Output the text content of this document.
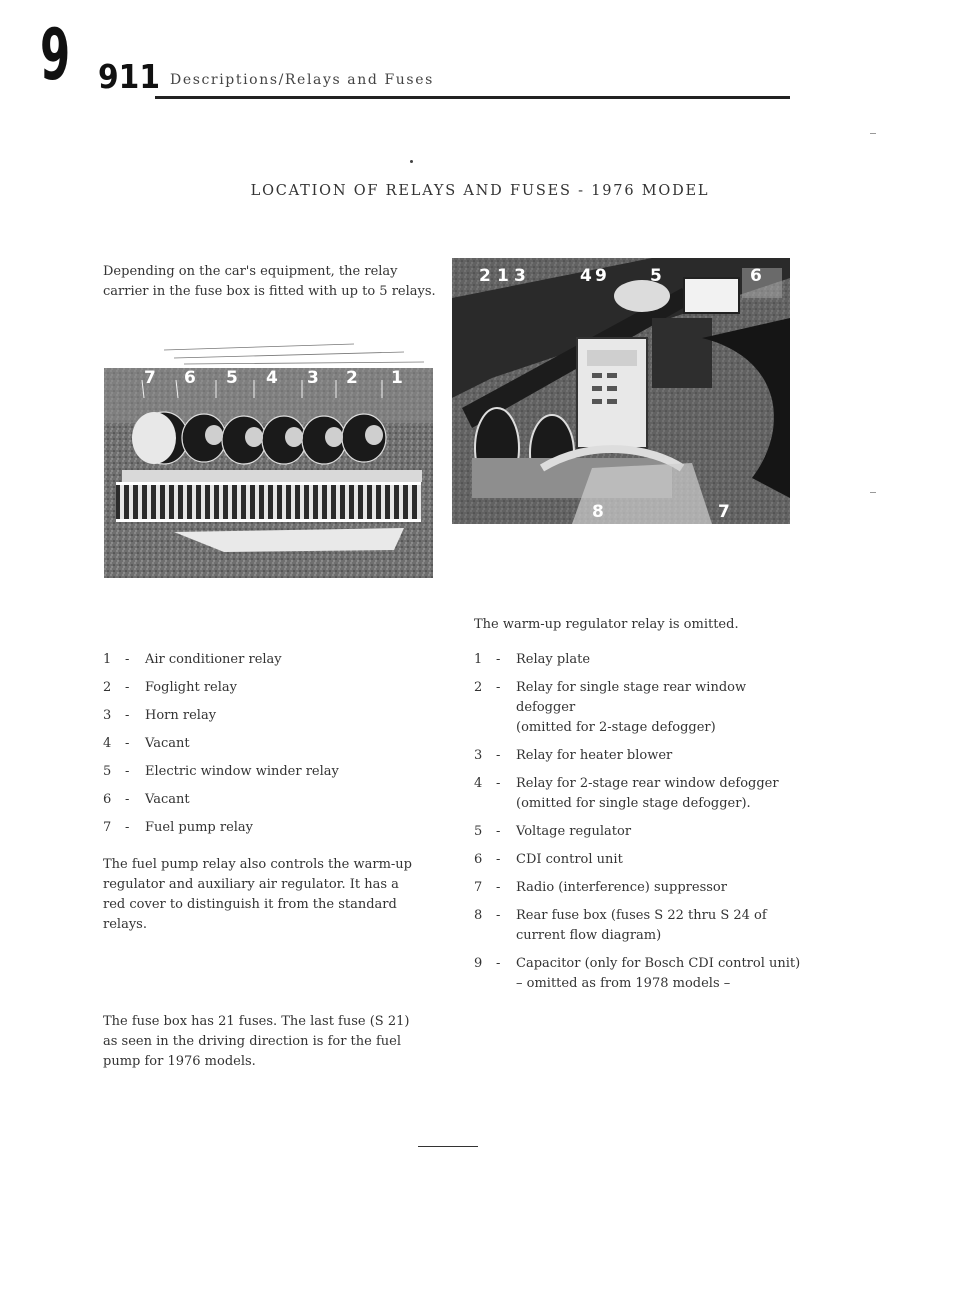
9 911 Descriptions/Relays and Fuses
LOCATION OF RELAYS AND FUSES - 1976 MODEL
Depending on the car's equipment, the relay carrier in the fuse box is fitted with up to 5 relays.
7 6 5 4 3 2 1
2 1 3	4 9	5	6
8	7
The warm-up regulator relay is omitted.
1	-	Air conditioner relay
2	-	Foglight relay
3	-	Horn relay
4	-	Vacant
5	-	Electric window winder relay
6	-	Vacant
7	-	Fuel pump relay
The fuel pump relay also controls the warm-up regulator and auxiliary air regulator. It has a red cover to distinguish it from the standard relays.
The fuse box has 21 fuses. The last fuse (S 21) as seen in the driving direction is for the fuel pump for 1976 models.
1	-	Relay plate
2	-	Relay for single stage rear window defogger
(omitted for 2-stage defogger)
3	-	Relay for heater blower
4	-	Relay for 2-stage rear window defogger
(omitted for single stage defogger).
5	-	Voltage regulator
6	-	CDI control unit
7	-	Radio (interference) suppressor
8	-	Rear fuse box (fuses S 22 thru S 24 of
current flow diagram)
9	-	Capacitor (only for Bosch CDI control unit)
– omitted as from 1978 models –
